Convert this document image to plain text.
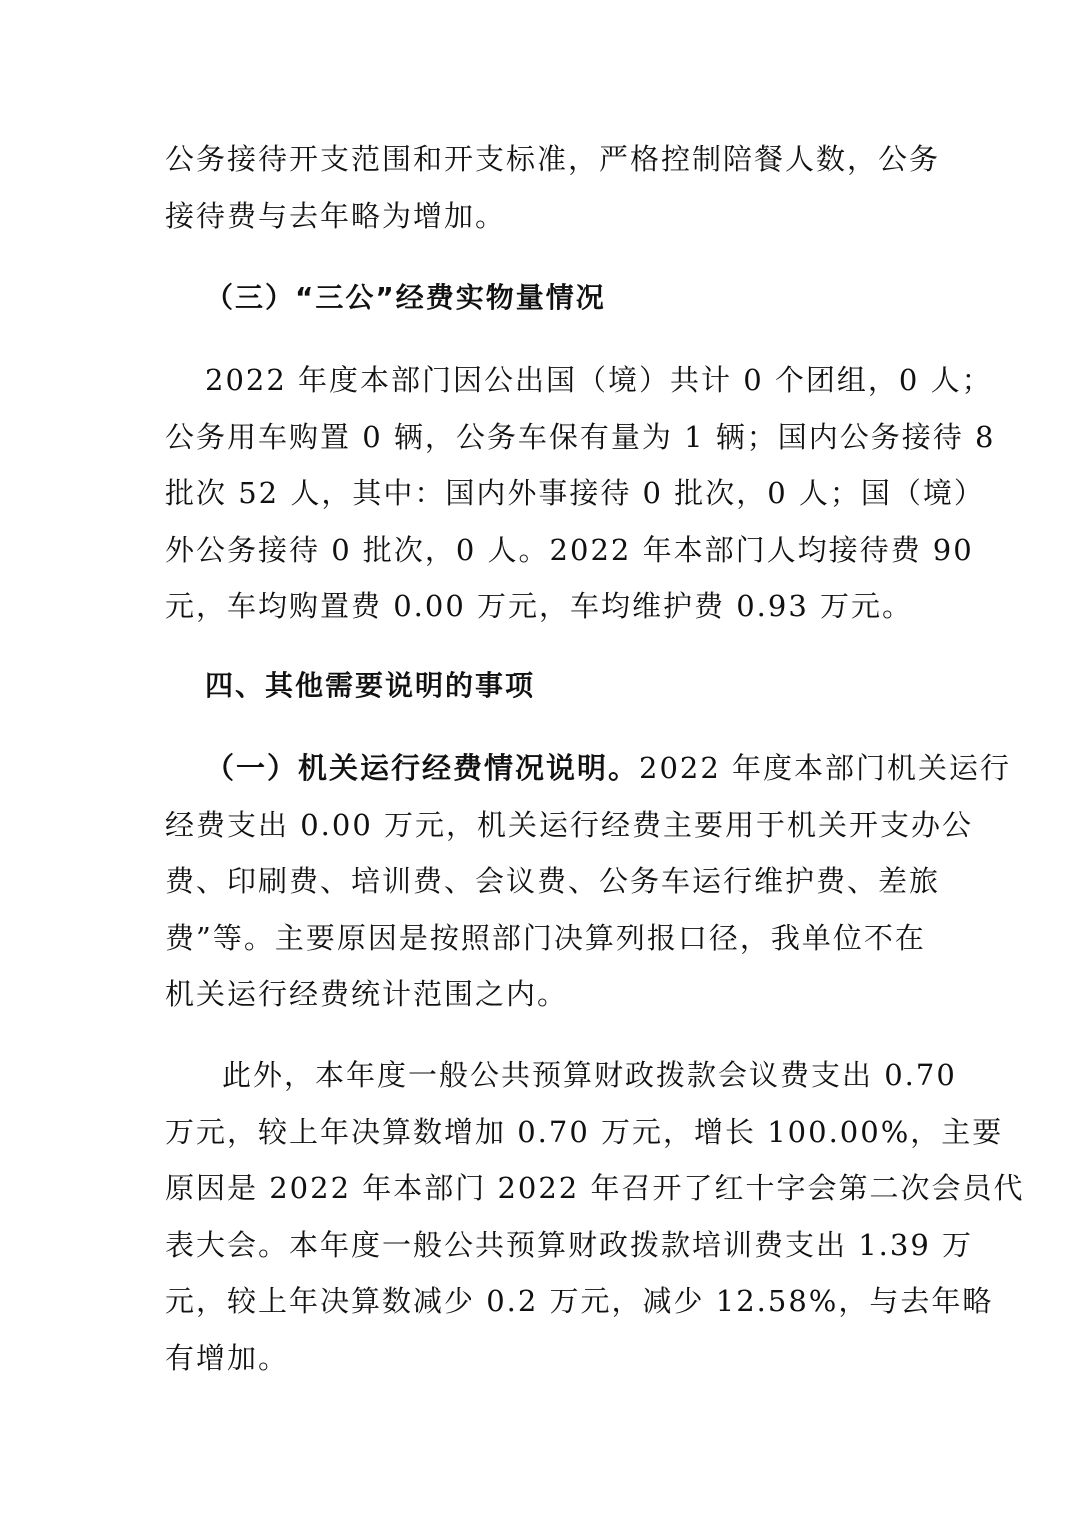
公务接待开支范围和开支标准，严格控制陪餐人数，公务
接待费与去年略为增加。
（三）“三公”经费实物量情况
2022 年度本部门因公出国（境）共计 0 个团组，0 人；
公务用车购置 0 辆，公务车保有量为 1 辆；国内公务接待 8
批次 52 人，其中：国内外事接待 0 批次，0 人；国（境）
外公务接待 0 批次，0 人。2022 年本部门人均接待费 90
元，车均购置费 0.00 万元，车均维护费 0.93 万元。
四、其他需要说明的事项
（一）机关运行经费情况说明。2022 年度本部门机关运行
经费支出 0.00 万元，机关运行经费主要用于机关开支办公
费、印刷费、培训费、会议费、公务车运行维护费、差旅
费”等。主要原因是按照部门决算列报口径，我单位不在
机关运行经费统计范围之内。
此外，本年度一般公共预算财政拨款会议费支出 0.70
万元，较上年决算数增加 0.70 万元，增长 100.00%，主要
原因是 2022 年本部门 2022 年召开了红十字会第二次会员代
表大会。本年度一般公共预算财政拨款培训费支出 1.39 万
元，较上年决算数减少 0.2 万元，减少 12.58%，与去年略
有增加。
